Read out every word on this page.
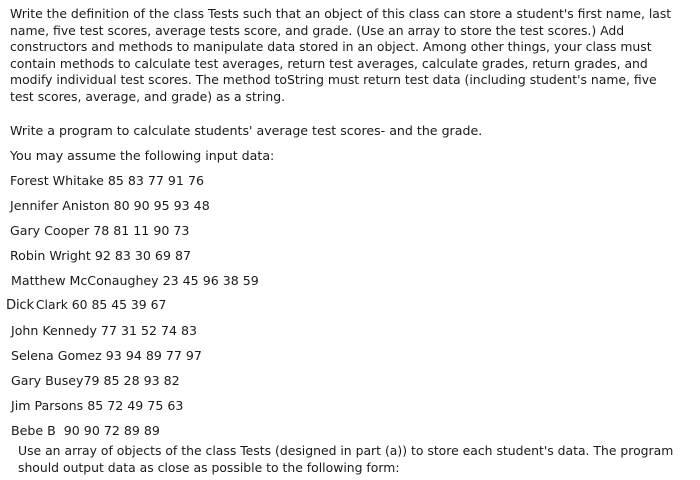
Write the definition of the class Tests such that an object of this class can store a student's first name, last name, five test scores, average tests score, and grade. (Use an array to store the test scores.) Add constructors and methods to manipulate data stored in an object. Among other things, your class must contain methods to calculate test averages, return test averages, calculate grades, return grades, and modify individual test scores. The method toString must return test data (including student's name, five test scores, average, and grade) as a string.

Write a program to calculate students' average test scores- and the grade.

You may assume the following input data:

Forest Whitake 85 83 77 91 76

Jennifer Aniston 80 90 95 93 48

Gary Cooper 78 81 11 90 73

Robin Wright 92 83 30 69 87

Matthew McConaughey 23 45 96 38 59

Dick Clark 60 85 45 39 67

John Kennedy 77 31 52 74 83

Selena Gomez 93 94 89 77 97

Gary Busey79 85 28 93 82

Jim Parsons 85 72 49 75 63

Bebe B  90 90 72 89 89

Use an array of objects of the class Tests (designed in part (a)) to store each student's data. The program should output data as close as possible to the following form:
